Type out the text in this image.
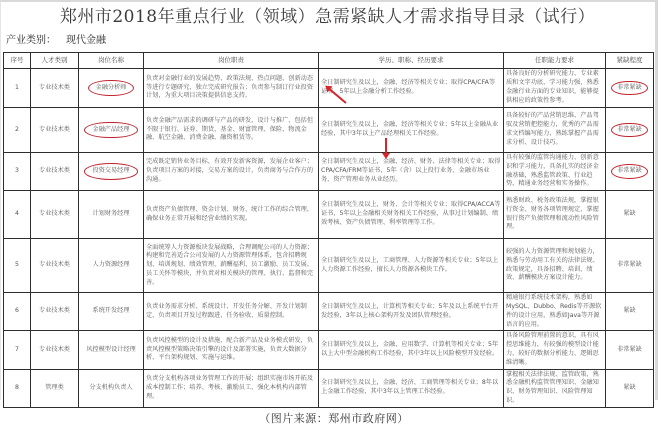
郑州市2018年重点行业（领域）急需紧缺人才需求指导目录（试行）
产业类别： 现代金融
序号	人才类别	岗位名称	岗位职责	学历、职称、经历要求	任职能力要求	紧缺程度
1	专业技术类	金融分析师	负责对金融行业的发展趋势、政策法规、热点问题、创新动态等进行专题研究，独立完成研究报告；负责参与制订行业投资计划，为重大项目决策提供信息支持。	全日制研究生及以上，金融、经济等相关专业；取得CPA/CFA等证书，5年以上金融分析工作经验。	具备良好的分析研究能力、专业素质和文字功底，学习能力强，熟悉金融行业方面的专业知识，能够提供相应的政策性参考。	非常紧缺
2	专业技术类	金融产品经理	负责金融产品需求的调研与产品的研发、设计与推广，包括但不限于银行、证券、期货、基金、财富管理、保险、物流金融、航空金融、消费金融、融资租赁等。	全日制研究生及以上，金融、经济等相关专业；5年以上金融从业经验，其中3年以上产品经理相关工作经验。	具备较好的产品营销思维、产品驾驭及营销把控能力，优秀的产品需求文档编写能力，熟练掌握产品需求分析、设计技巧。	非常紧缺
3	专业技术类	投资交易经理	完成既定销售业务目标，有效开发新客资源，发展企业客户；负责项目方案的对接，交易方案的设计，负责商务与合作方的沟通。	全日制研究生及以上，金融、经济、财务、法律等相关专业；取得CPA/CFA/FRM等证书，5年（含）以上投行业务、金融市场业务、资产管理业务从业经历。	具有较强的监管沟通能力、创新意识和学习能力，具备扎实的经济金融基础，熟悉监管政策、行业趋势，精通业务经营和实务操作。	非常紧缺
4	专业技术类	计划财务经理	负责资产负债管理、资金计划、财务、统计工作的综合管理，确保业务正常开展和经营业绩的实现。	全日制研究生及以上，财务、会计等相关专业；取得CPA/ACCA等证书，5年以上金融相关财务相关工作经验，从事过计划编制、绩效考核、资产负债管理、利率管理等工作。	熟悉财政、税务政策法规，掌握银行资金、财务各项管理规定，掌握银行资产负债管理和流动性风险管理。	紧缺
5	专业技术类	人力资源经理	全面统筹人力资源板块发展战略，合理调配公司的人力资源；构建和完善适合公司发展的人力资源管理体系，包含招聘规划、培训规划、绩效管理、薪酬福利、员工激励、员工发展、员工关怀等模块，并负责对相关模块的管理、执行、监督和完善。	全日制研究生及以上，工商管理、人力资源等相关专业；5年以上人力资源工作经验，擅长人力资源各模块工作。	较强的人力资源管理和规划能力，熟悉与劳动用工有关的法律法规、政策规定，具备招聘、培训、绩效、薪酬模块方案设计能力。	非常紧缺
6	专业技术类	系统开发经理	负责业务需求分析、系统设计、开发任务分解、开发计划制定，负责项目开发过程跟进、任务验收、质量控制。	全日制研究生及以上，计算机等相关专业；5年及以上系统平台开发经验，3年以上核心架构开发及团队管理经验。	精通银行系统技术架构，熟悉如MySQL、Dubbo、Redis等开源软件的设计应用，熟悉如Java等开源语言的应用。	紧缺
7	专业技术类	风控模型设计经理	负责风控模型的设计及措施，配合新产品及业务模式研发，负责风控模型策略决策引擎的设计及部署实施，负责大数据分析、平台架构规划、实施与运维。	全日制研究生及以上，金融、应用数学、计算机等相关专业；5年以上大中型金融机构工作经验，其中3年以上风险模型开发经验。	具备风险管理前置的意识，具有风控思维能力，有较强的模型设计能力，较好的数据分析能力，逻辑思维清晰。	非常紧缺
8	管理类	分支机构负责人	负责分支机构各项业务管理工作的开展；组织实施市场开拓及成本控制工作；培养、考核、激励员工，强化本机构内部管理。	全日制研究生及以上，金融、经济、工商管理等相关专业；8年以上金融工作经验，其中3年以上管理工作经验。	掌握相关法律法规、监管政策，熟悉金融机构监管管理知识、金融知识、财务管理知识、风险管理知识。	紧缺
（图片来源：郑州市政府网）
